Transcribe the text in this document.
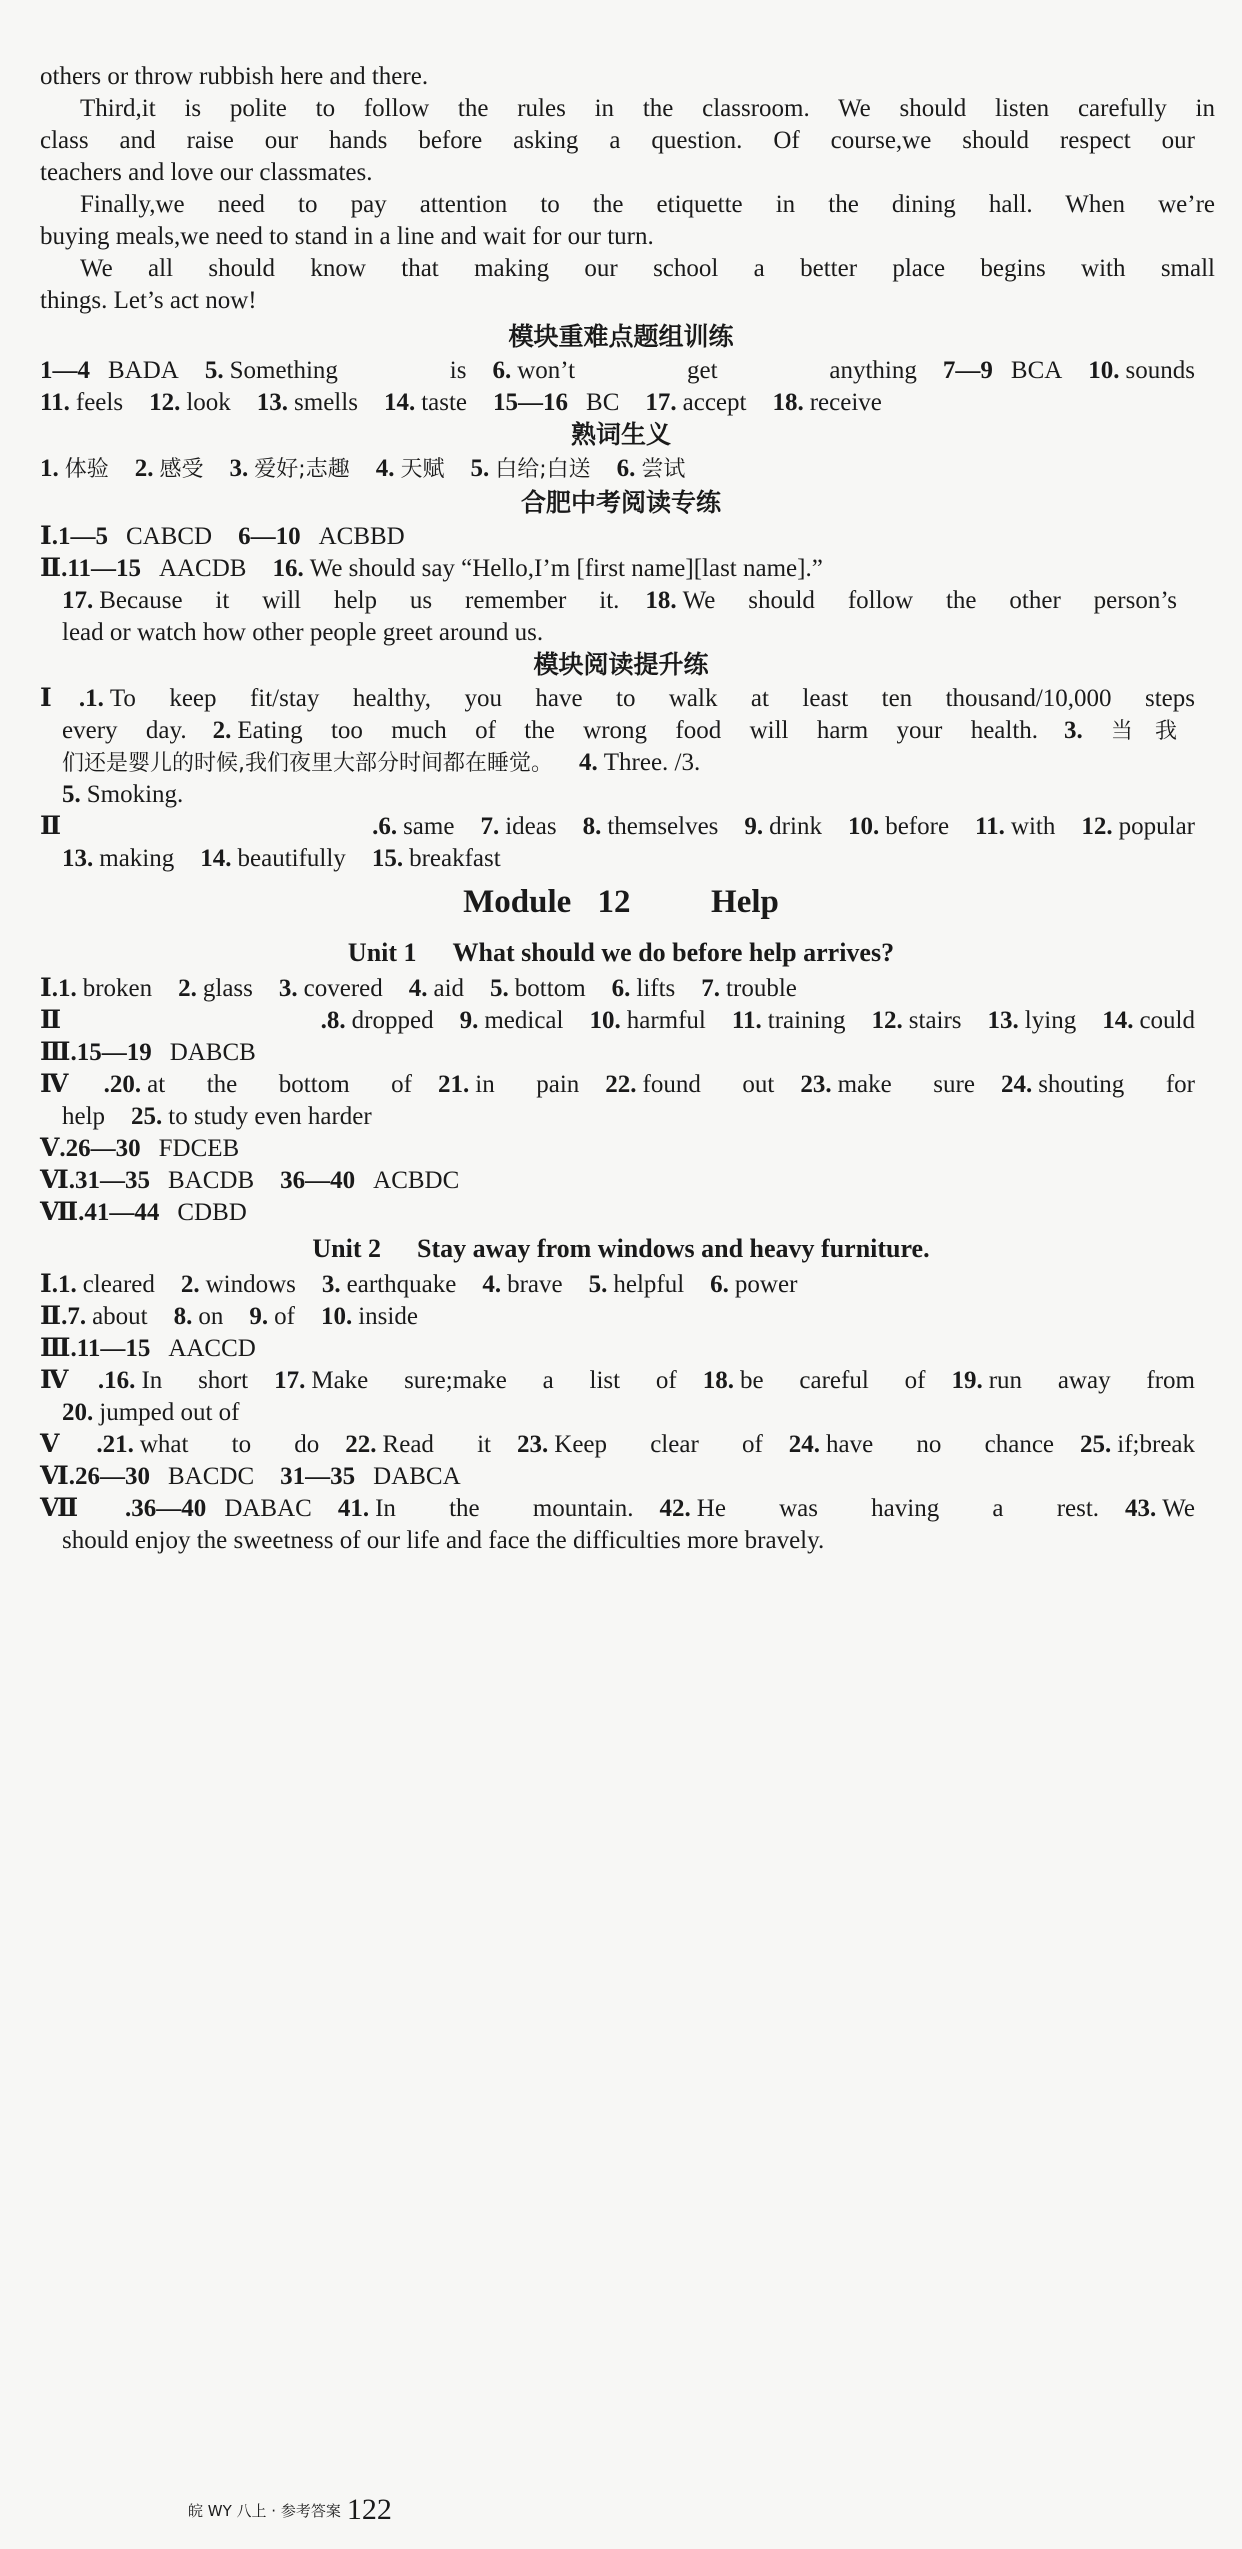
others or throw rubbish here and there.
Third,it is polite to follow the rules in the classroom. We should listen carefully in
class and raise our hands before asking a question. Of course,we should respect our
teachers and love our classmates.
Finally,we need to pay attention to the etiquette in the dining hall. When we’re
buying meals,we need to stand in a line and wait for our turn.
We all should know that making our school a better place begins with small
things. Let’s act now!
模块重难点题组训练
1—4 BADA 5. Something is 6. won’t get anything 7—9 BCA 10. sounds
11. feels 12. look 13. smells 14. taste 15—16 BC 17. accept 18. receive
熟词生义
1. 体验 2. 感受 3. 爱好;志趣 4. 天赋 5. 白给;白送 6. 尝试
合肥中考阅读专练
Ⅰ.1—5 CABCD 6—10 ACBBD
Ⅱ.11—15 AACDB 16. We should say “Hello,I’m [first name][last name].”
17. Because it will help us remember it. 18. We should follow the other person’s
lead or watch how other people greet around us.
模块阅读提升练
Ⅰ.1. To keep fit/stay healthy, you have to walk at least ten thousand/10,000 steps
every day. 2. Eating too much of the wrong food will harm your health. 3. 当我
们还是婴儿的时候,我们夜里大部分时间都在睡觉。 4. Three. /3.
5. Smoking.
Ⅱ.6. same 7. ideas 8. themselves 9. drink 10. before 11. with 12. popular
13. making 14. beautifully 15. breakfast
Module 12 Help
Unit 1 What should we do before help arrives?
Ⅰ.1. broken 2. glass 3. covered 4. aid 5. bottom 6. lifts 7. trouble
Ⅱ.8. dropped 9. medical 10. harmful 11. training 12. stairs 13. lying 14. could
Ⅲ.15—19 DABCB
Ⅳ.20. at the bottom of 21. in pain 22. found out 23. make sure 24. shouting for
help 25. to study even harder
Ⅴ.26—30 FDCEB
Ⅵ.31—35 BACDB 36—40 ACBDC
Ⅶ.41—44 CDBD
Unit 2 Stay away from windows and heavy furniture.
Ⅰ.1. cleared 2. windows 3. earthquake 4. brave 5. helpful 6. power
Ⅱ.7. about 8. on 9. of 10. inside
Ⅲ.11—15 AACCD
Ⅳ.16. In short 17. Make sure;make a list of 18. be careful of 19. run away from
20. jumped out of
Ⅴ.21. what to do 22. Read it 23. Keep clear of 24. have no chance 25. if;break
Ⅵ.26—30 BACDC 31—35 DABCA
Ⅶ.36—40 DABAC 41. In the mountain. 42. He was having a rest. 43. We
should enjoy the sweetness of our life and face the difficulties more bravely.
皖 WY 八上 · 参考答案 122
